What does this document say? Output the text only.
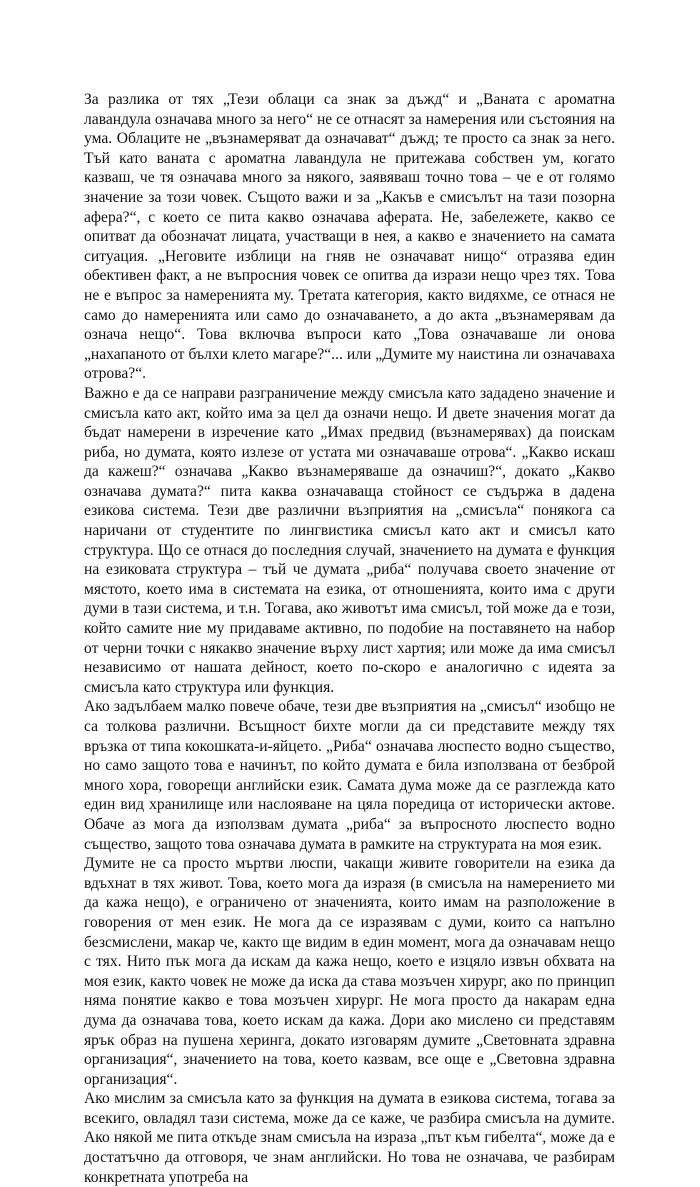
За разлика от тях „Тези облаци са знак за дъжд“ и „Ваната с ароматна лавандула означава много за него“ не се отнасят за намерения или състояния на ума. Облаците не „възнамеряват да означават“ дъжд; те просто са знак за него. Тъй като ваната с ароматна лавандула не притежава собствен ум, когато казваш, че тя означава много за някого, заявяваш точно това – че е от голямо значение за този човек. Същото важи и за „Какъв е смисълът на тази позорна афера?“, с което се пита какво означава аферата. Не, забележете, какво се опитват да обозначат лицата, участващи в нея, а какво е значението на самата ситуация. „Неговите изблици на гняв не означават нищо“ отразява един обективен факт, а не въпросния човек се опитва да изрази нещо чрез тях. Това не е въпрос за намеренията му. Третата категория, както видяхме, се отнася не само до намеренията или само до означаването, а до акта „възнамерявам да означа нещо“. Това включва въпроси като „Това означаваше ли онова „нахапаното от бълхи клето магаре?“... или „Думите му наистина ли означаваха отрова?“.

Важно е да се направи разграничение между смисъла като зададено значение и смисъла като акт, който има за цел да означи нещо. И двете значения могат да бъдат намерени в изречение като „Имах предвид (възнамерявах) да поискам риба, но думата, която излезе от устата ми означаваше отрова“. „Какво искаш да кажеш?“ означава „Какво възнамеряваше да означиш?“, докато „Какво означава думата?“ пита каква означаваща стойност се съдържа в дадена езикова система. Тези две различни възприятия на „смисъла“ понякога са наричани от студентите по лингвистика смисъл като акт и смисъл като структура. Що се отнася до последния случай, значението на думата е функция на езиковата структура – тъй че думата „риба“ получава своето значение от мястото, което има в системата на езика, от отношенията, които има с други думи в тази система, и т.н. Тогава, ако животът има смисъл, той може да е този, който самите ние му придаваме активно, по подобие на поставянето на набор от черни точки с някакво значение върху лист хартия; или може да има смисъл независимо от нашата дейност, което по-скоро е аналогично с идеята за смисъла като структура или функция.

Ако задълбаем малко повече обаче, тези две възприятия на „смисъл“ изобщо не са толкова различни. Всъщност бихте могли да си представите между тях връзка от типа кокошката-и-яйцето. „Риба“ означава люспесто водно същество, но само защото това е начинът, по който думата е била използвана от безброй много хора, говорещи английски език. Самата дума може да се разглежда като един вид хранилище или наслояване на цяла поредица от исторически актове. Обаче аз мога да използвам думата „риба“ за въпросното люспесто водно същество, защото това означава думата в рамките на структурата на моя език.

Думите не са просто мъртви люспи, чакащи живите говорители на езика да вдъхнат в тях живот. Това, което мога да изразя (в смисъла на намерението ми да кажа нещо), е ограничено от значенията, които имам на разположение в говорения от мен език. Не мога да се изразявам с думи, които са напълно безсмислени, макар че, както ще видим в един момент, мога да означавам нещо с тях. Нито пък мога да искам да кажа нещо, което е изцяло извън обхвата на моя език, както човек не може да иска да става мозъчен хирург, ако по принцип няма понятие какво е това мозъчен хирург. Не мога просто да накарам една дума да означава това, което искам да кажа. Дори ако мислено си представям ярък образ на пушена херинга, докато изговарям думите „Световната здравна организация“, значението на това, което казвам, все още е „Световна здравна организация“.

Ако мислим за смисъла като за функция на думата в езикова система, тогава за всекиго, овладял тази система, може да се каже, че разбира смисъла на думите. Ако някой ме пита откъде знам смисъла на израза „път към гибелта“, може да е достатъчно да отговоря, че знам английски. Но това не означава, че разбирам конкретната употреба на
